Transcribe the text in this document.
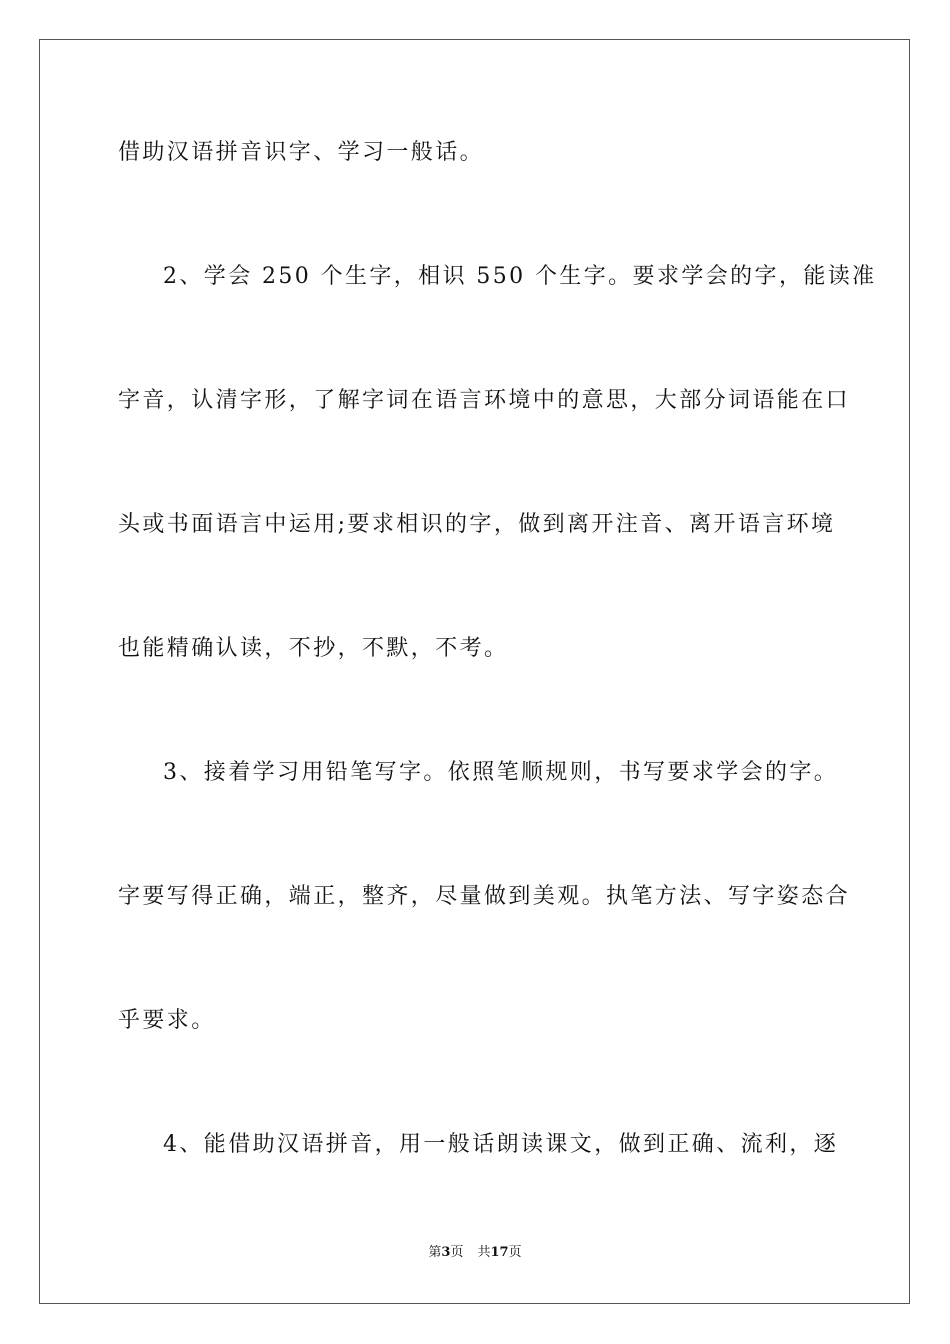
借助汉语拼音识字、学习一般话。
2、学会 250 个生字，相识 550 个生字。要求学会的字，能读准
字音，认清字形，了解字词在语言环境中的意思，大部分词语能在口
头或书面语言中运用;要求相识的字，做到离开注音、离开语言环境
也能精确认读，不抄，不默，不考。
3、接着学习用铅笔写字。依照笔顺规则，书写要求学会的字。
字要写得正确，端正，整齐，尽量做到美观。执笔方法、写字姿态合
乎要求。
4、能借助汉语拼音，用一般话朗读课文，做到正确、流利，逐
第3页 共17页
